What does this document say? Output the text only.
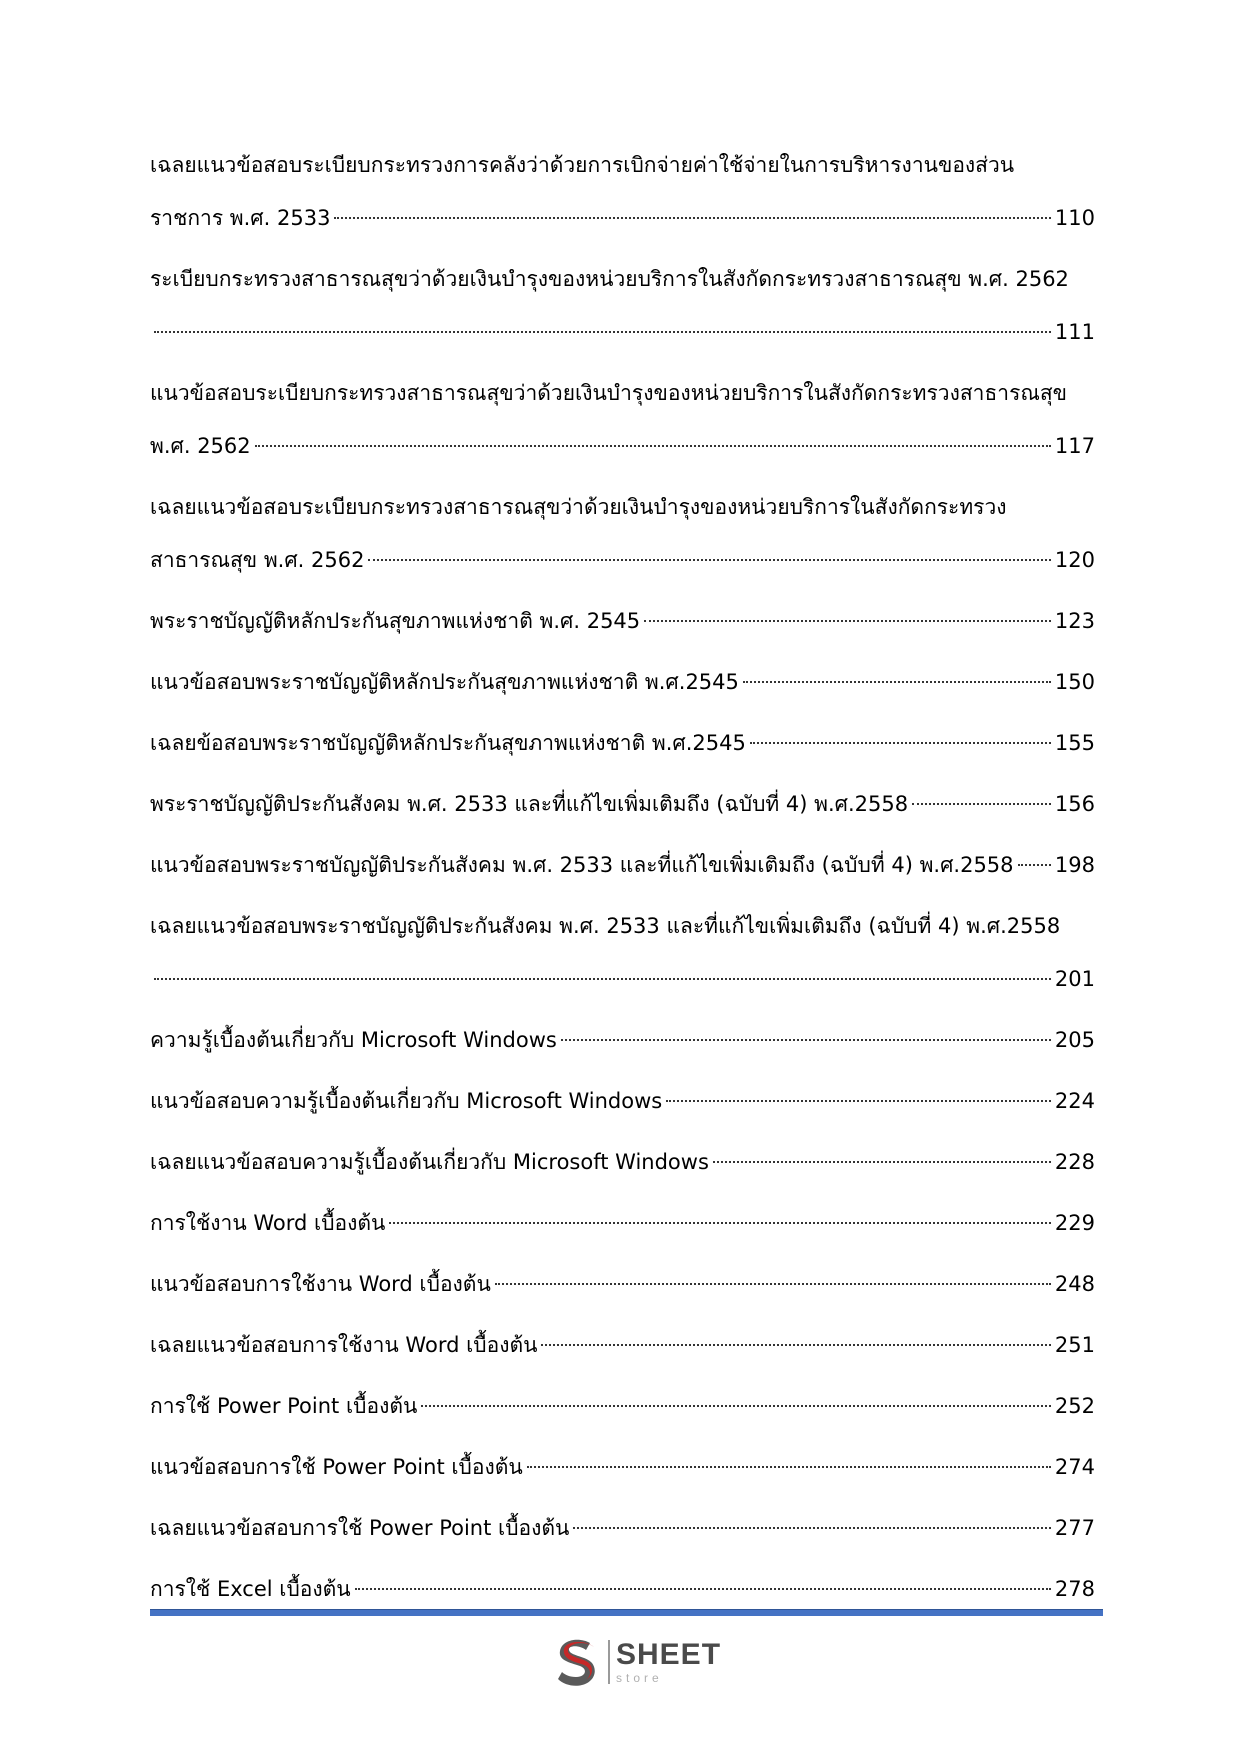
เฉลยแนวข้อสอบระเบียบกระทรวงการคลังว่าด้วยการเบิกจ่ายค่าใช้จ่ายในการบริหารงานของส่วน
ราชการ พ.ศ. 2533	110
ระเบียบกระทรวงสาธารณสุขว่าด้วยเงินบำรุงของหน่วยบริการในสังกัดกระทรวงสาธารณสุข พ.ศ. 2562
111
แนวข้อสอบระเบียบกระทรวงสาธารณสุขว่าด้วยเงินบำรุงของหน่วยบริการในสังกัดกระทรวงสาธารณสุข
พ.ศ. 2562	117
เฉลยแนวข้อสอบระเบียบกระทรวงสาธารณสุขว่าด้วยเงินบำรุงของหน่วยบริการในสังกัดกระทรวง
สาธารณสุข พ.ศ. 2562	120
พระราชบัญญัติหลักประกันสุขภาพแห่งชาติ พ.ศ. 2545	123
แนวข้อสอบพระราชบัญญัติหลักประกันสุขภาพแห่งชาติ พ.ศ.2545	150
เฉลยข้อสอบพระราชบัญญัติหลักประกันสุขภาพแห่งชาติ พ.ศ.2545	155
พระราชบัญญัติประกันสังคม พ.ศ. 2533 และที่แก้ไขเพิ่มเติมถึง (ฉบับที่ 4) พ.ศ.2558	156
แนวข้อสอบพระราชบัญญัติประกันสังคม พ.ศ. 2533 และที่แก้ไขเพิ่มเติมถึง (ฉบับที่ 4) พ.ศ.2558 198
เฉลยแนวข้อสอบพระราชบัญญัติประกันสังคม พ.ศ. 2533 และที่แก้ไขเพิ่มเติมถึง (ฉบับที่ 4) พ.ศ.2558
201
ความรู้เบื้องต้นเกี่ยวกับ Microsoft Windows	205
แนวข้อสอบความรู้เบื้องต้นเกี่ยวกับ Microsoft Windows	224
เฉลยแนวข้อสอบความรู้เบื้องต้นเกี่ยวกับ Microsoft Windows	228
การใช้งาน Word เบื้องต้น	229
แนวข้อสอบการใช้งาน Word เบื้องต้น	248
เฉลยแนวข้อสอบการใช้งาน Word เบื้องต้น	251
การใช้ Power Point เบื้องต้น	252
แนวข้อสอบการใช้ Power Point เบื้องต้น	274
เฉลยแนวข้อสอบการใช้ Power Point เบื้องต้น	277
การใช้ Excel เบื้องต้น	278
SHEET
store
